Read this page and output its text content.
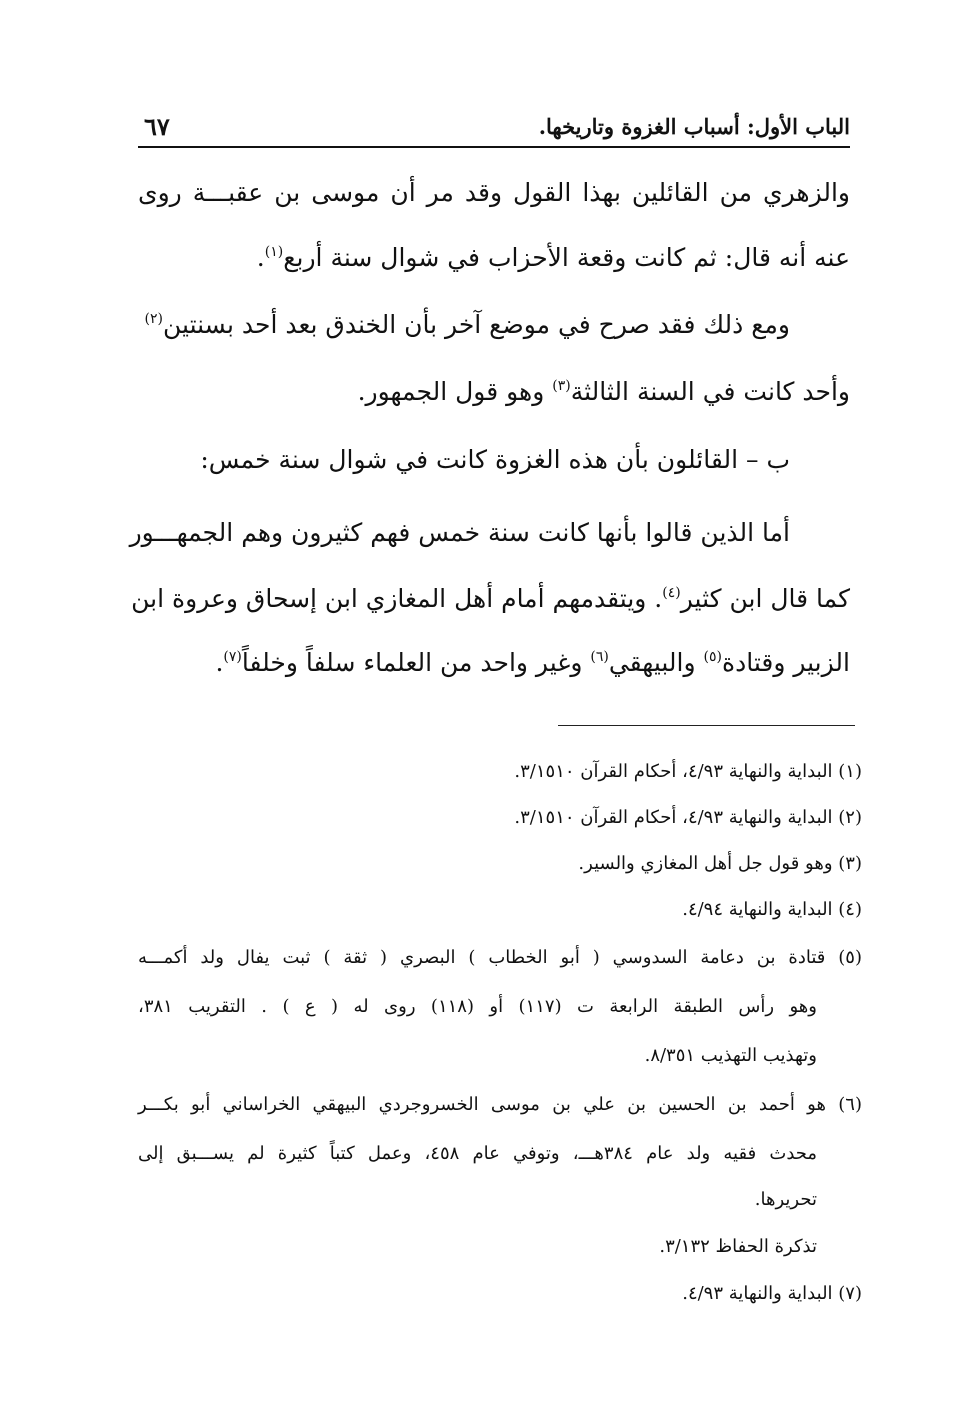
الباب الأول: أسباب الغزوة وتاريخها.
٦٧
والزهري من القائلين بهذا القول وقد مر أن موسى بن عقبـــة روى
عنه أنه قال: ثم كانت وقعة الأحزاب في شوال سنة أربع$^{(١)}$.
ومع ذلك فقد صرح في موضع آخر بأن الخندق بعد أحد بسنتين$^{(٢)}$
وأحد كانت في السنة الثالثة$^{(٣)}$ وهو قول الجمهور.
ب – القائلون بأن هذه الغزوة كانت في شوال سنة خمس:
أما الذين قالوا بأنها كانت سنة خمس فهم كثيرون وهم الجمهـــور
كما قال ابن كثير$^{(٤)}$. ويتقدمهم أمام أهل المغازي ابن إسحاق وعروة ابن
الزبير وقتادة$^{(٥)}$ والبيهقي$^{(٦)}$ وغير واحد من العلماء سلفاً وخلفاً$^{(٧)}$.
(١) البداية والنهاية ٤/٩٣، أحكام القرآن ٣/١٥١٠.
(٢) البداية والنهاية ٤/٩٣، أحكام القرآن ٣/١٥١٠.
(٣) وهو قول جل أهل المغازي والسير.
(٤) البداية والنهاية ٤/٩٤.
(٥) قتادة بن دعامة السدوسي ( أبو الخطاب ) البصري ( ثقة ) ثبت يفال ولد أكمـــه
وهو رأس الطبقة الرابعة ت (١١٧) أو (١١٨) روى له ( ع ) . التقريب ٣٨١،
وتهذيب التهذيب ٨/٣٥١.
(٦) هو أحمد بن الحسين بن علي بن موسى الخسروجردي البيهقي الخراساني أبو بكـــر
محدث فقيه ولد عام ٣٨٤هـــ، وتوفي عام ٤٥٨، وعمل كتباً كثيرة لم يســـبق إلى
تحريرها.
تذكرة الحفاظ ٣/١٣٢.
(٧) البداية والنهاية ٤/٩٣.
